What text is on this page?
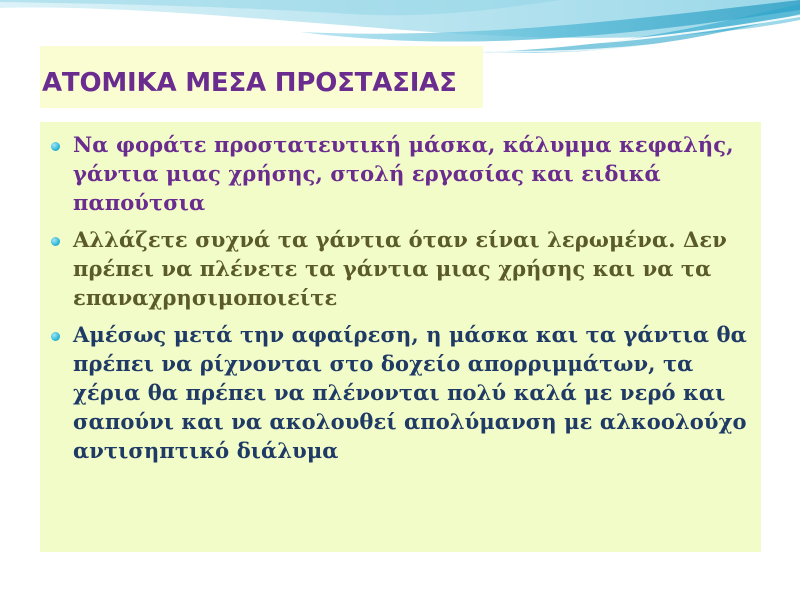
ΑΤΟΜΙΚΑ ΜΕΣΑ ΠΡΟΣΤΑΣΙΑΣ
Να φοράτε προστατευτική μάσκα, κάλυμμα κεφαλής, γάντια μιας χρήσης, στολή εργασίας και ειδικά παπούτσια
Αλλάζετε συχνά τα γάντια όταν είναι λερωμένα. Δεν πρέπει να πλένετε τα γάντια μιας χρήσης και να τα επαναχρησιμοποιείτε
Αμέσως μετά την αφαίρεση, η μάσκα και τα γάντια θα πρέπει να ρίχνονται στο δοχείο απορριμμάτων, τα χέρια θα πρέπει να πλένονται πολύ καλά με νερό και σαπούνι και να ακολουθεί απολύμανση με αλκοολούχο αντισηπτικό διάλυμα
